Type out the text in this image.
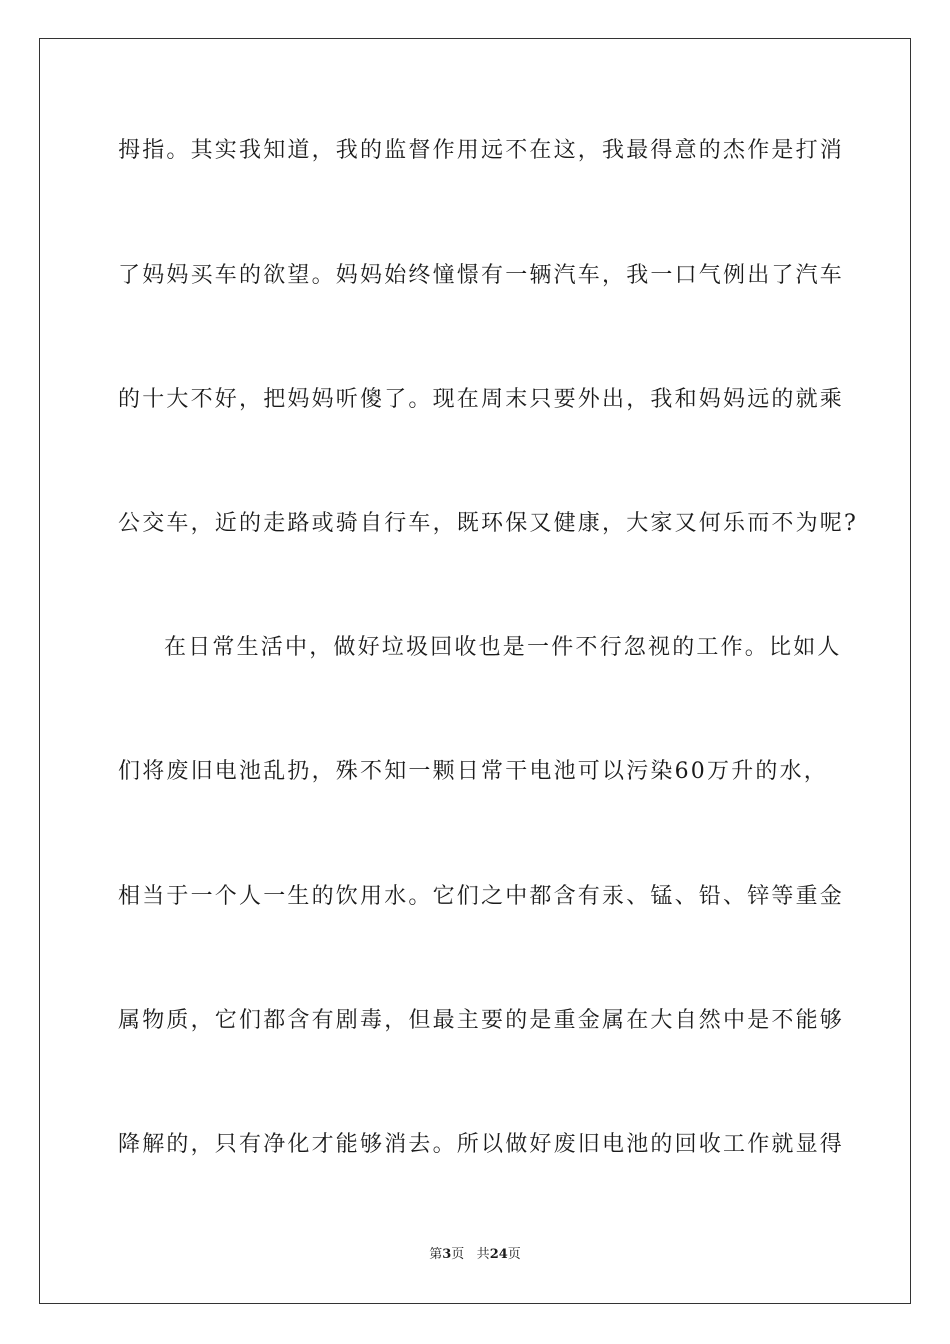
拇指。其实我知道，我的监督作用远不在这，我最得意的杰作是打消
了妈妈买车的欲望。妈妈始终憧憬有一辆汽车，我一口气例出了汽车
的十大不好，把妈妈听傻了。现在周末只要外出，我和妈妈远的就乘
公交车，近的走路或骑自行车，既环保又健康，大家又何乐而不为呢?
在日常生活中，做好垃圾回收也是一件不行忽视的工作。比如人
们将废旧电池乱扔，殊不知一颗日常干电池可以污染60万升的水，
相当于一个人一生的饮用水。它们之中都含有汞、锰、铅、锌等重金
属物质，它们都含有剧毒，但最主要的是重金属在大自然中是不能够
降解的，只有净化才能够消去。所以做好废旧电池的回收工作就显得
第3页 共24页
